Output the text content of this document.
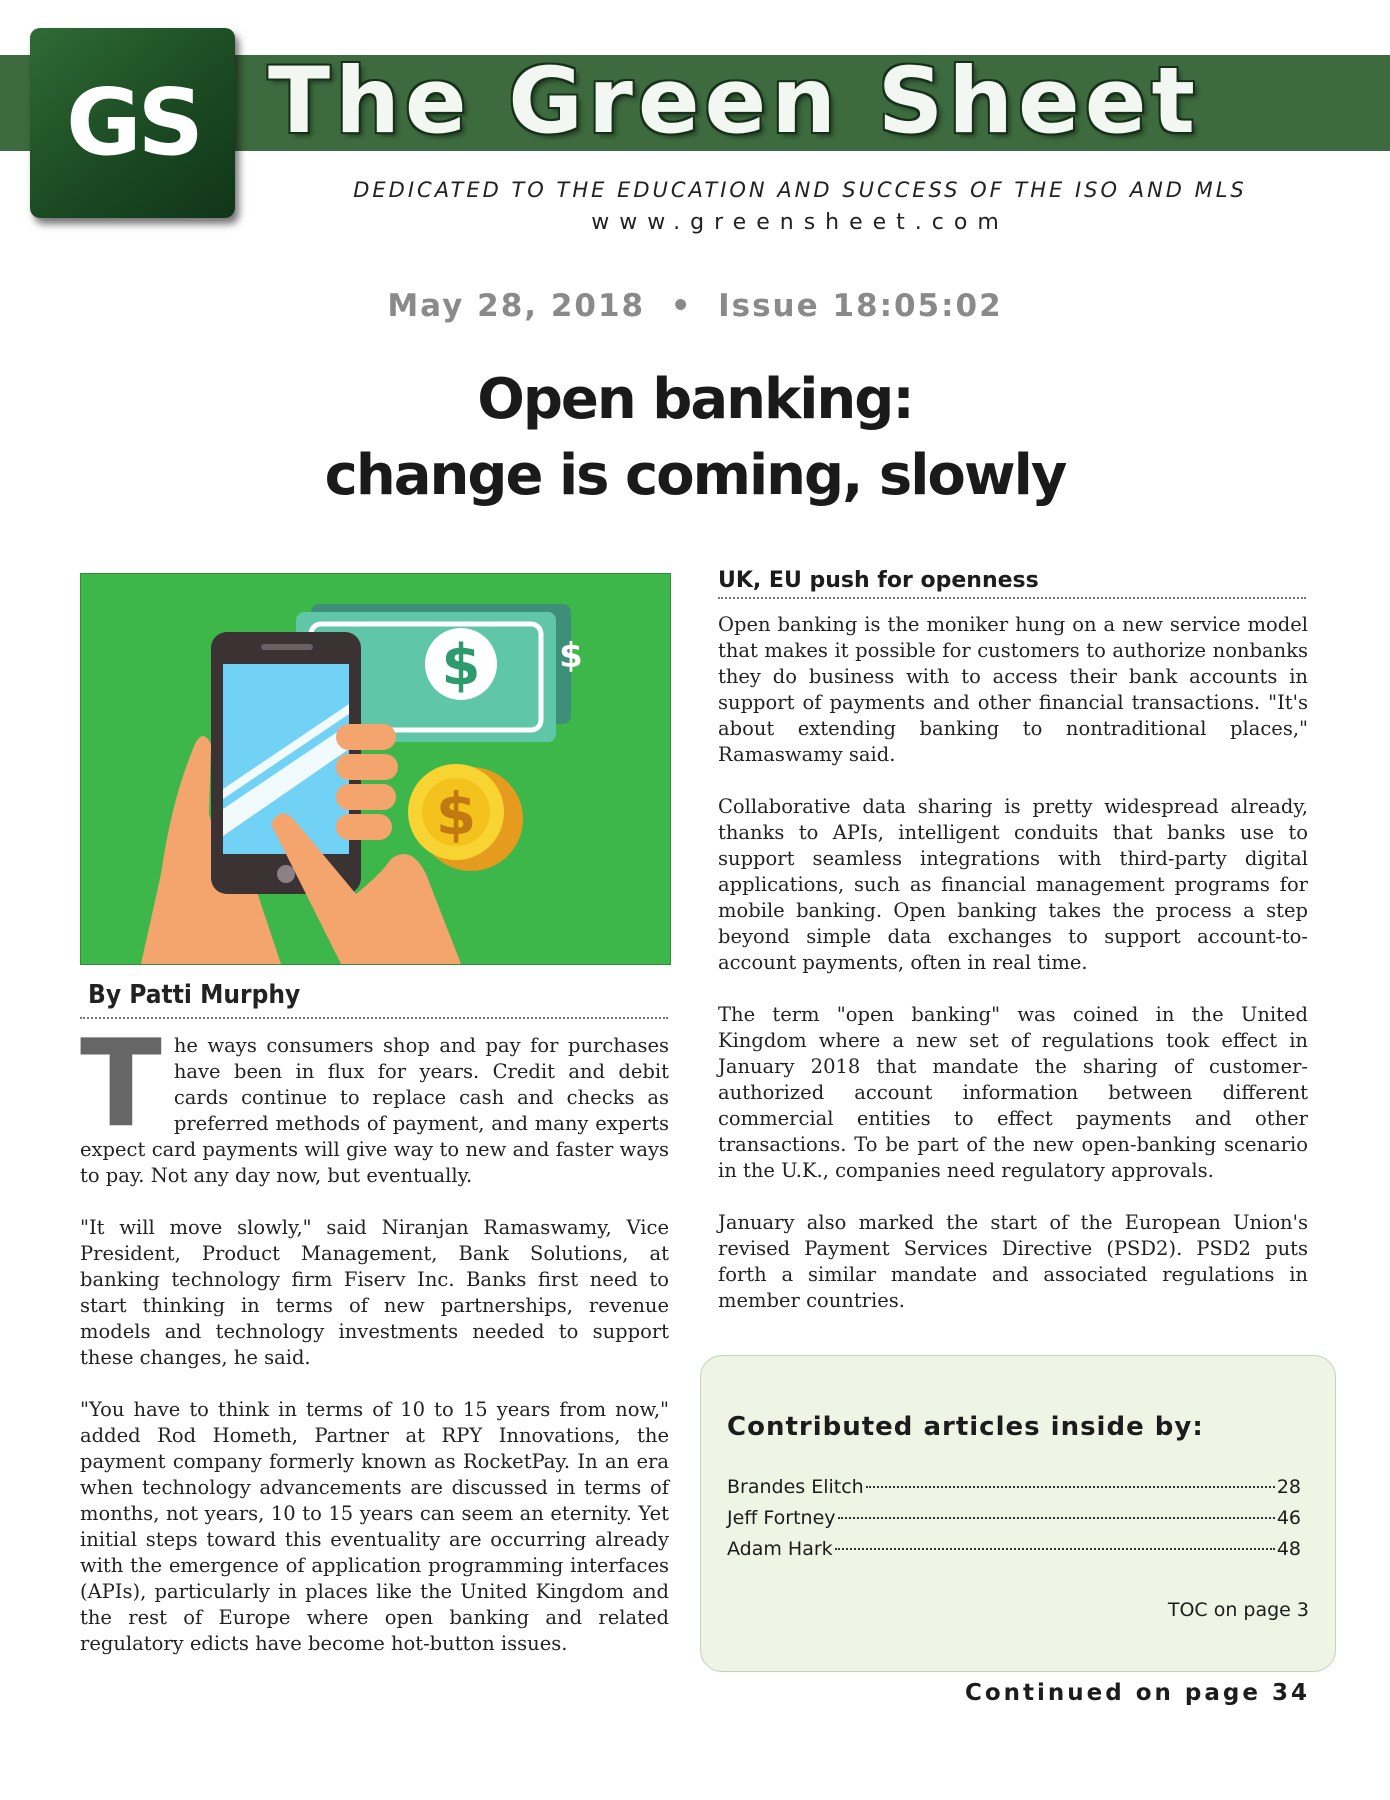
The Green Sheet
GS
DEDICATED TO THE EDUCATION AND SUCCESS OF THE ISO AND MLS
www.greensheet.com
May 28, 2018  •  Issue 18:05:02
Open banking:
change is coming, slowly
$ $
$
By Patti Murphy

The ways consumers shop and pay for purchases have been in flux for years. Credit and debit cards continue to replace cash and checks as preferred methods of payment, and many experts expect card payments will give way to new and faster ways to pay. Not any day now, but eventually.

"It will move slowly," said Niranjan Ramaswamy, Vice President, Product Management, Bank Solutions, at banking technology firm Fiserv Inc. Banks first need to start thinking in terms of new partnerships, revenue models and technology investments needed to support these changes, he said.

"You have to think in terms of 10 to 15 years from now," added Rod Hometh, Partner at RPY Innovations, the payment company formerly known as RocketPay. In an era when technology advancements are discussed in terms of months, not years, 10 to 15 years can seem an eternity. Yet initial steps toward this eventuality are occurring already with the emergence of application programming interfaces (APIs), particularly in places like the United Kingdom and the rest of Europe where open banking and related regulatory edicts have become hot-button issues.

UK, EU push for openness

Open banking is the moniker hung on a new service model that makes it possible for customers to authorize nonbanks they do business with to access their bank accounts in support of payments and other financial transactions. "It's about extending banking to nontraditional places," Ramaswamy said.

Collaborative data sharing is pretty widespread already, thanks to APIs, intelligent conduits that banks use to support seamless integrations with third-party digital applications, such as financial management programs for mobile banking. Open banking takes the process a step beyond simple data exchanges to support account-to-account payments, often in real time.

The term "open banking" was coined in the United Kingdom where a new set of regulations took effect in January 2018 that mandate the sharing of customer-authorized account information between different commercial entities to effect payments and other transactions. To be part of the new open-banking scenario in the U.K., companies need regulatory approvals.

January also marked the start of the European Union's revised Payment Services Directive (PSD2). PSD2 puts forth a similar mandate and associated regulations in member countries.

Contributed articles inside by:
Brandes Elitch	28
Jeff Fortney	46
Adam Hark	48
TOC on page 3
Continued on page 34
